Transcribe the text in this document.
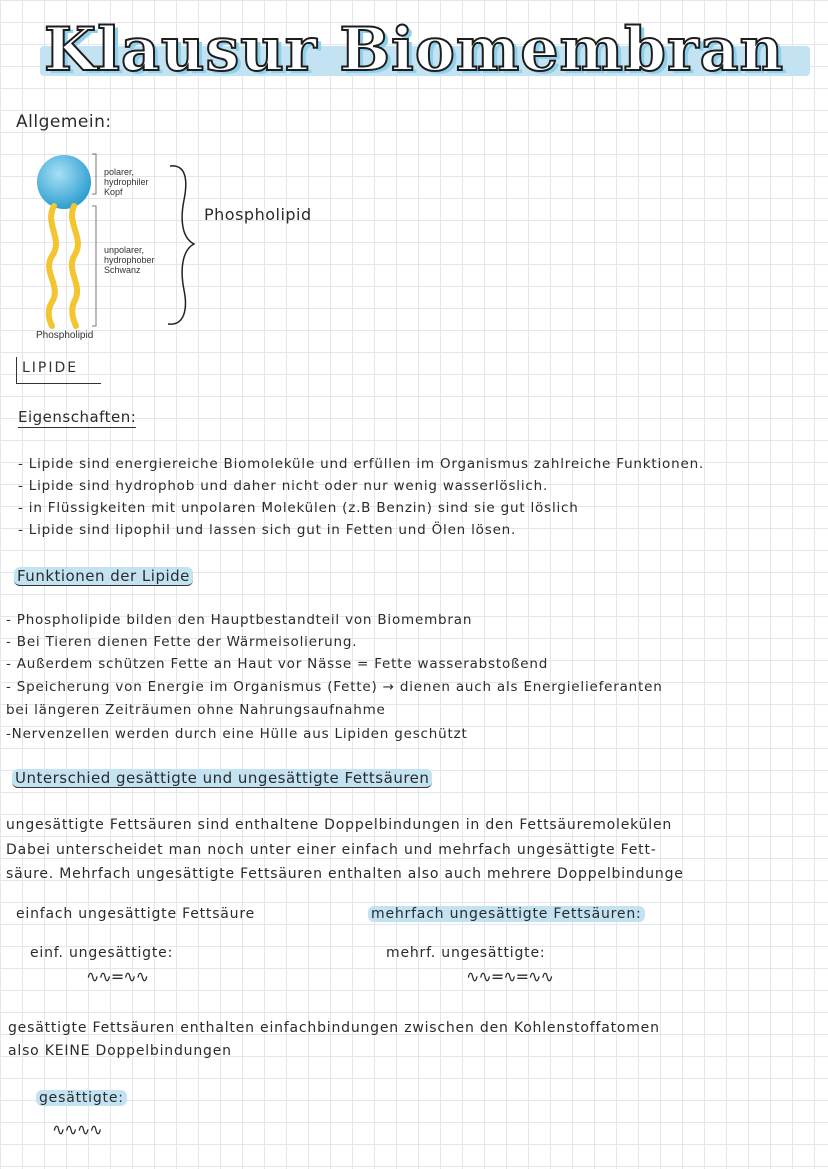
Klausur Biomembran
Allgemein:
polarer,
hydrophiler
Kopf
unpolarer,
hydrophober
Schwanz
Phospholipid
Phospholipid
LIPIDE
Eigenschaften:
- Lipide sind energiereiche Biomoleküle und erfüllen im Organismus zahlreiche Funktionen.
- Lipide sind hydrophob und daher nicht oder nur wenig wasserlöslich.
- in Flüssigkeiten mit unpolaren Molekülen (z.B Benzin) sind sie gut löslich
- Lipide sind lipophil und lassen sich gut in Fetten und Ölen lösen.
Funktionen der Lipide
- Phospholipide bilden den Hauptbestandteil von Biomembran
- Bei Tieren dienen Fette der Wärmeisolierung.
- Außerdem schützen Fette an Haut vor Nässe = Fette wasserabstoßend
- Speicherung von Energie im Organismus (Fette) → dienen auch als Energielieferanten
bei längeren Zeiträumen ohne Nahrungsaufnahme
-Nervenzellen werden durch eine Hülle aus Lipiden geschützt
Unterschied gesättigte und ungesättigte Fettsäuren
ungesättigte Fettsäuren sind enthaltene Doppelbindungen in den Fettsäuremolekülen
Dabei unterscheidet man noch unter einer einfach und mehrfach ungesättigte Fett-
säure. Mehrfach ungesättigte Fettsäuren enthalten also auch mehrere Doppelbindunge
einfach ungesättigte Fettsäure	mehrfach ungesättigte Fettsäuren:
einf. ungesättigte:
∿∿=∿∿
mehrf. ungesättigte:
∿∿=∿=∿∿
gesättigte Fettsäuren enthalten einfachbindungen zwischen den Kohlenstoffatomen
also KEINE Doppelbindungen
gesättigte:
∿∿∿∿
